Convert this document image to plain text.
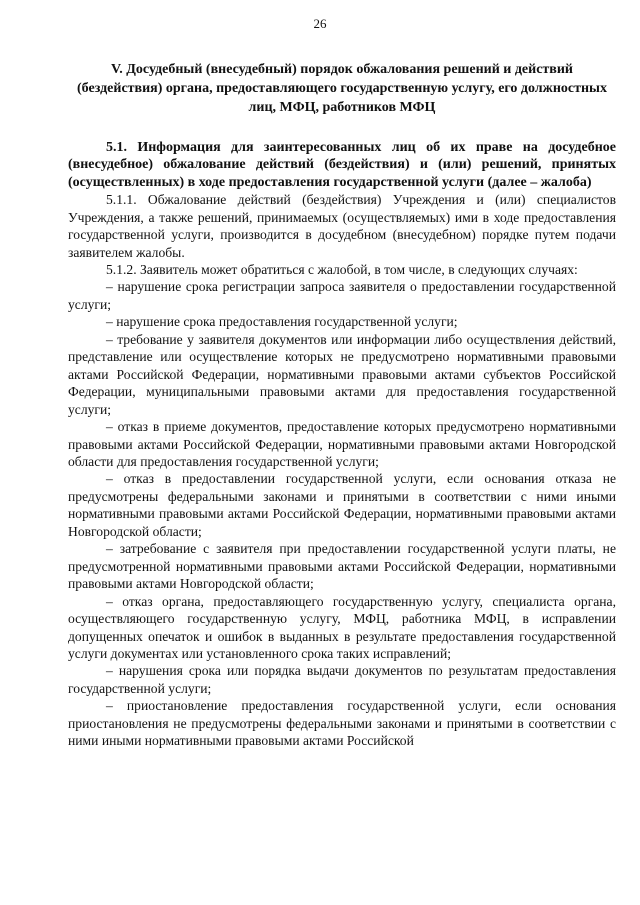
26

V. Досудебный (внесудебный) порядок обжалования решений и действий (бездействия) органа, предоставляющего государственную услугу, его должностных лиц, МФЦ, работников МФЦ

5.1. Информация для заинтересованных лиц об их праве на досудебное (внесудебное) обжалование действий (бездействия) и (или) решений, принятых (осуществленных) в ходе предоставления государственной услуги (далее – жалоба)

5.1.1. Обжалование действий (бездействия) Учреждения и (или) специалистов Учреждения, а также решений, принимаемых (осуществляемых) ими в ходе предоставления государственной услуги, производится в досудебном (внесудебном) порядке путем подачи заявителем жалобы.

5.1.2. Заявитель может обратиться с жалобой, в том числе, в следующих случаях:

– нарушение срока регистрации запроса заявителя о предоставлении государственной услуги;

– нарушение срока предоставления государственной услуги;

– требование у заявителя документов или информации либо осуществления действий, представление или осуществление которых не предусмотрено нормативными правовыми актами Российской Федерации, нормативными правовыми актами субъектов Российской Федерации, муниципальными правовыми актами для предоставления государственной услуги;

– отказ в приеме документов, предоставление которых предусмотрено нормативными правовыми актами Российской Федерации, нормативными правовыми актами Новгородской области для предоставления государственной услуги;

– отказ в предоставлении государственной услуги, если основания отказа не предусмотрены федеральными законами и принятыми в соответствии с ними иными нормативными правовыми актами Российской Федерации, нормативными правовыми актами Новгородской области;

– затребование с заявителя при предоставлении государственной услуги платы, не предусмотренной нормативными правовыми актами Российской Федерации, нормативными правовыми актами Новгородской области;

– отказ органа, предоставляющего государственную услугу, специалиста органа, осуществляющего государственную услугу, МФЦ, работника МФЦ, в исправлении допущенных опечаток и ошибок в выданных в результате предоставления государственной услуги документах или установленного срока таких исправлений;

– нарушения срока или порядка выдачи документов по результатам предоставления государственной услуги;

– приостановление предоставления государственной услуги, если основания приостановления не предусмотрены федеральными законами и принятыми в соответствии с ними иными нормативными правовыми актами Российской
